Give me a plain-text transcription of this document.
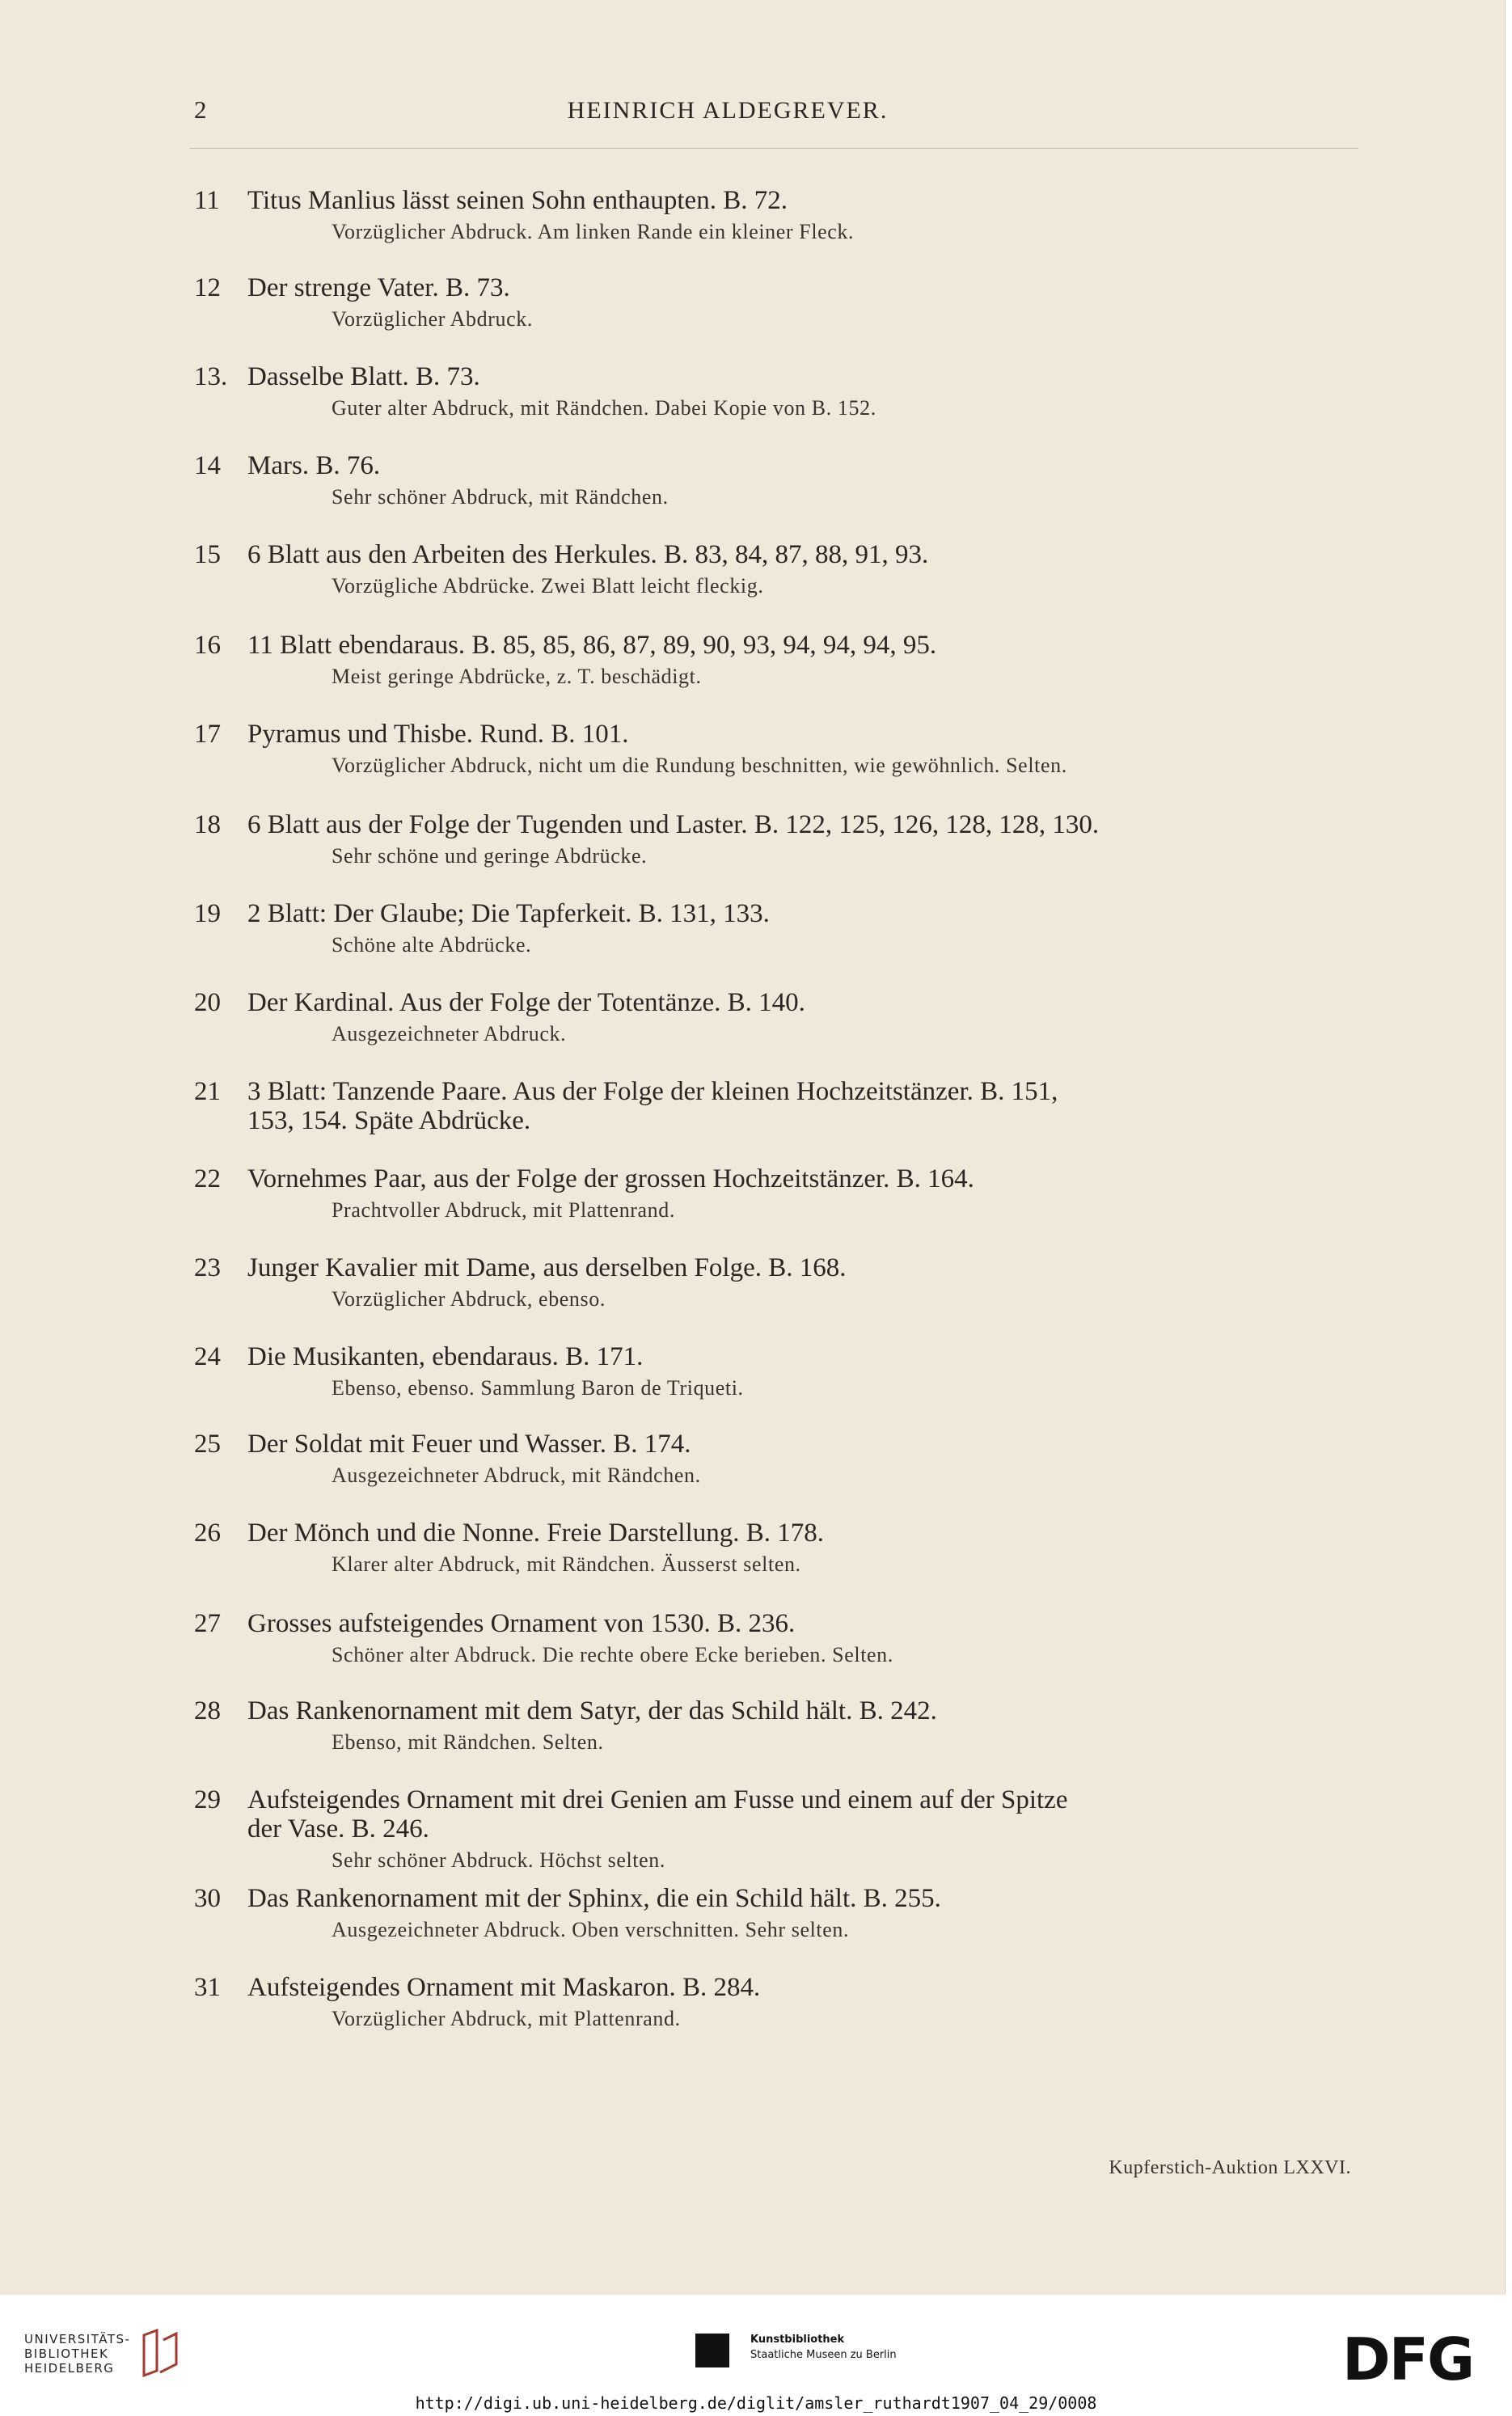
2	HEINRICH ALDEGREVER.
11	Titus Manlius lässt seinen Sohn enthaupten. B. 72.
Vorzüglicher Abdruck. Am linken Rande ein kleiner Fleck.
12	Der strenge Vater. B. 73.
Vorzüglicher Abdruck.
13. Dasselbe Blatt. B. 73.
Guter alter Abdruck, mit Rändchen. Dabei Kopie von B. 152.
14	Mars. B. 76.
Sehr schöner Abdruck, mit Rändchen.
15	6 Blatt aus den Arbeiten des Herkules. B. 83, 84, 87, 88, 91, 93.
Vorzügliche Abdrücke. Zwei Blatt leicht fleckig.
16	11 Blatt ebendaraus. B. 85, 85, 86, 87, 89, 90, 93, 94, 94, 94, 95.
Meist geringe Abdrücke, z. T. beschädigt.
17	Pyramus und Thisbe. Rund. B. 101.
Vorzüglicher Abdruck, nicht um die Rundung beschnitten, wie gewöhnlich. Selten.
18	6 Blatt aus der Folge der Tugenden und Laster. B. 122, 125, 126, 128, 128, 130.
Sehr schöne und geringe Abdrücke.
19	2 Blatt: Der Glaube; Die Tapferkeit. B. 131, 133.
Schöne alte Abdrücke.
20	Der Kardinal. Aus der Folge der Totentänze. B. 140.
Ausgezeichneter Abdruck.
21	3 Blatt: Tanzende Paare. Aus der Folge der kleinen Hochzeitstänzer. B. 151,
153, 154. Späte Abdrücke.
22	Vornehmes Paar, aus der Folge der grossen Hochzeitstänzer. B. 164.
Prachtvoller Abdruck, mit Plattenrand.
23	Junger Kavalier mit Dame, aus derselben Folge. B. 168.
Vorzüglicher Abdruck, ebenso.
24	Die Musikanten, ebendaraus. B. 171.
Ebenso, ebenso. Sammlung Baron de Triqueti.
25	Der Soldat mit Feuer und Wasser. B. 174.
Ausgezeichneter Abdruck, mit Rändchen.
26	Der Mönch und die Nonne. Freie Darstellung. B. 178.
Klarer alter Abdruck, mit Rändchen. Äusserst selten.
27	Grosses aufsteigendes Ornament von 1530. B. 236.
Schöner alter Abdruck. Die rechte obere Ecke berieben. Selten.
28	Das Rankenornament mit dem Satyr, der das Schild hält. B. 242.
Ebenso, mit Rändchen. Selten.
29	Aufsteigendes Ornament mit drei Genien am Fusse und einem auf der Spitze
der Vase. B. 246.
Sehr schöner Abdruck. Höchst selten.
30	Das Rankenornament mit der Sphinx, die ein Schild hält. B. 255.
Ausgezeichneter Abdruck. Oben verschnitten. Sehr selten.
31	Aufsteigendes Ornament mit Maskaron. B. 284.
Vorzüglicher Abdruck, mit Plattenrand.
Kupferstich-Auktion LXXVI.
UNIVERSITÄTS-
BIBLIOTHEK
HEIDELBERG
Kunstbibliothek
Staatliche Museen zu Berlin	DFG
http://digi.ub.uni-heidelberg.de/diglit/amsler_ruthardt1907_04_29/0008
